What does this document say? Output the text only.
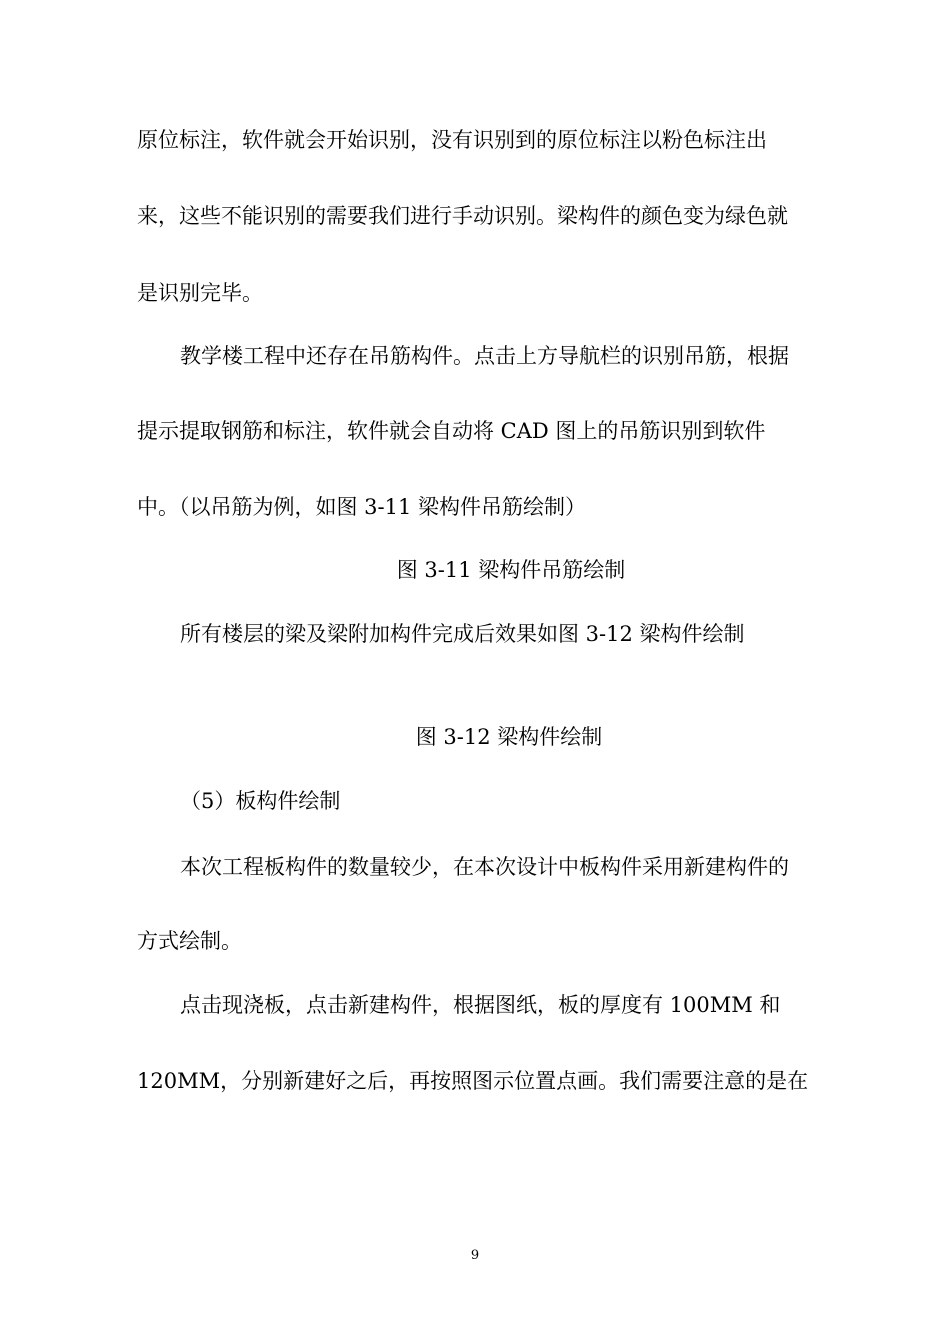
原位标注，软件就会开始识别，没有识别到的原位标注以粉色标注出
来，这些不能识别的需要我们进行手动识别。梁构件的颜色变为绿色就
是识别完毕。
教学楼工程中还存在吊筋构件。点击上方导航栏的识别吊筋，根据
提示提取钢筋和标注，软件就会自动将 CAD 图上的吊筋识别到软件
中。（以吊筋为例，如图 3-11 梁构件吊筋绘制）
图 3-11 梁构件吊筋绘制
所有楼层的梁及梁附加构件完成后效果如图 3-12 梁构件绘制
图 3-12 梁构件绘制
（5）板构件绘制
本次工程板构件的数量较少，在本次设计中板构件采用新建构件的
方式绘制。
点击现浇板，点击新建构件，根据图纸，板的厚度有 100MM 和
120MM，分别新建好之后，再按照图示位置点画。我们需要注意的是在
9
